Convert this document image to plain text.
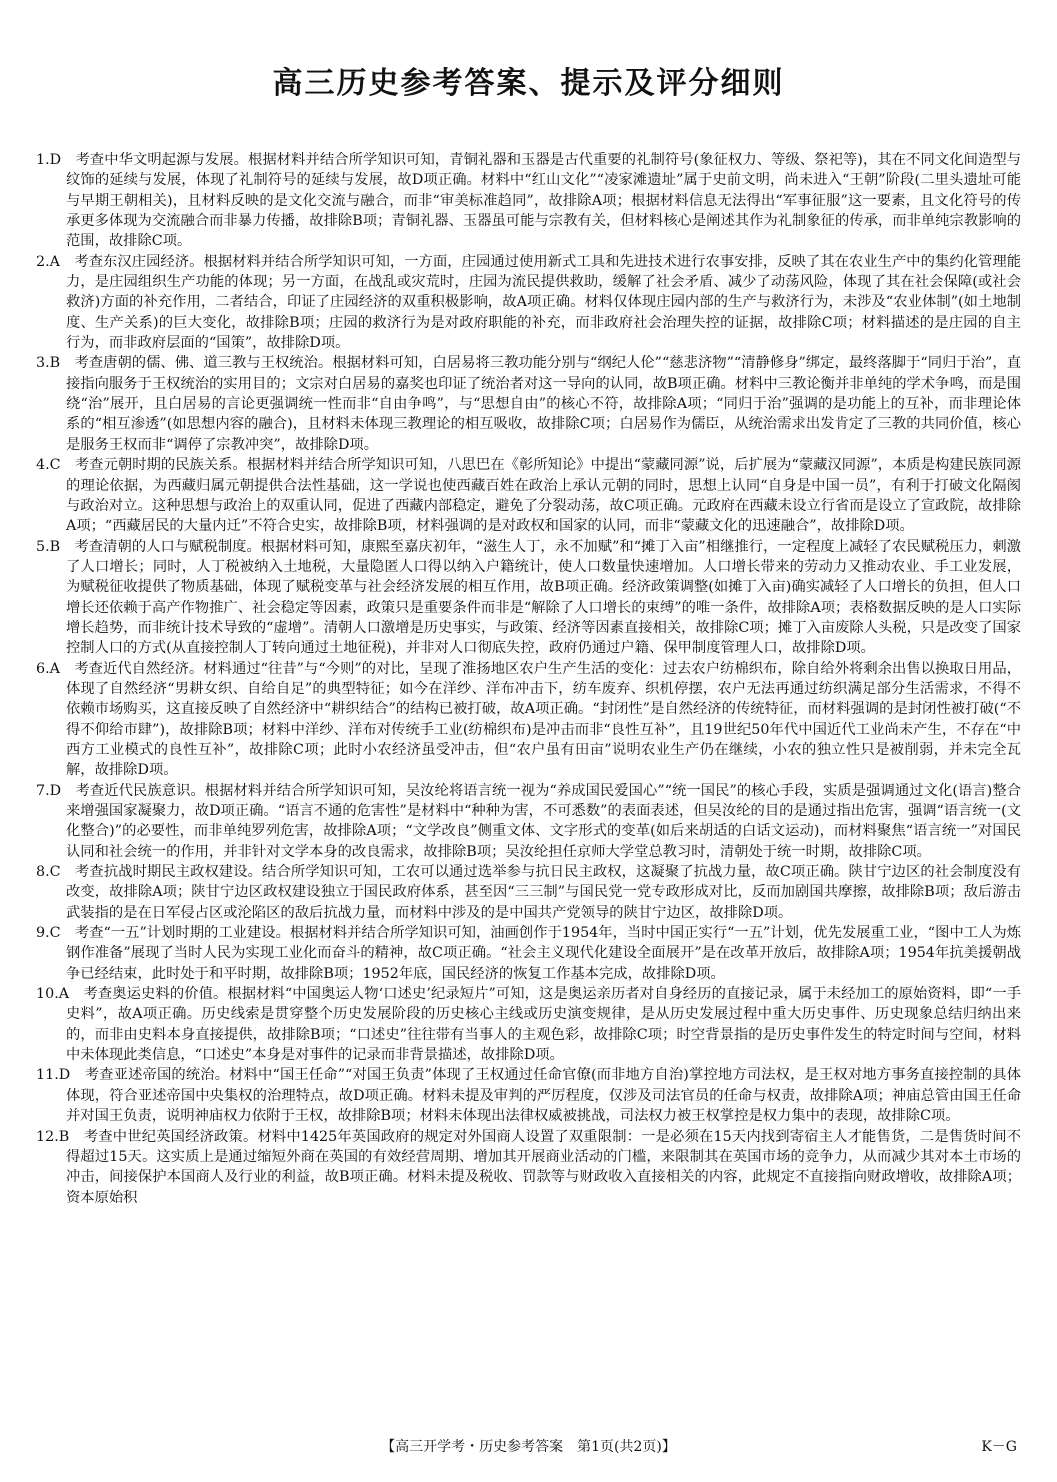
高三历史参考答案、提示及评分细则

1.D　考查中华文明起源与发展。根据材料并结合所学知识可知，青铜礼器和玉器是古代重要的礼制符号(象征权力、等级、祭祀等)，其在不同文化间造型与纹饰的延续与发展，体现了礼制符号的延续与发展，故D项正确。材料中“红山文化”“凌家滩遗址”属于史前文明，尚未进入“王朝”阶段(二里头遗址可能与早期王朝相关)，且材料反映的是文化交流与融合，而非“审美标准趋同”，故排除A项；根据材料信息无法得出“军事征服”这一要素，且文化符号的传承更多体现为交流融合而非暴力传播，故排除B项；青铜礼器、玉器虽可能与宗教有关，但材料核心是阐述其作为礼制象征的传承，而非单纯宗教影响的范围，故排除C项。

2.A　考查东汉庄园经济。根据材料并结合所学知识可知，一方面，庄园通过使用新式工具和先进技术进行农事安排，反映了其在农业生产中的集约化管理能力，是庄园组织生产功能的体现；另一方面，在战乱或灾荒时，庄园为流民提供救助，缓解了社会矛盾、减少了动荡风险，体现了其在社会保障(或社会救济)方面的补充作用，二者结合，印证了庄园经济的双重积极影响，故A项正确。材料仅体现庄园内部的生产与救济行为，未涉及“农业体制”(如土地制度、生产关系)的巨大变化，故排除B项；庄园的救济行为是对政府职能的补充，而非政府社会治理失控的证据，故排除C项；材料描述的是庄园的自主行为，而非政府层面的“国策”，故排除D项。

3.B　考查唐朝的儒、佛、道三教与王权统治。根据材料可知，白居易将三教功能分别与“纲纪人伦”“慈悲济物”“清静修身”绑定，最终落脚于“同归于治”，直接指向服务于王权统治的实用目的；文宗对白居易的嘉奖也印证了统治者对这一导向的认同，故B项正确。材料中三教论衡并非单纯的学术争鸣，而是围绕“治”展开，且白居易的言论更强调统一性而非“自由争鸣”，与“思想自由”的核心不符，故排除A项；“同归于治”强调的是功能上的互补，而非理论体系的“相互渗透”(如思想内容的融合)，且材料未体现三教理论的相互吸收，故排除C项；白居易作为儒臣，从统治需求出发肯定了三教的共同价值，核心是服务王权而非“调停了宗教冲突”，故排除D项。

4.C　考查元朝时期的民族关系。根据材料并结合所学知识可知，八思巴在《彰所知论》中提出“蒙藏同源”说，后扩展为“蒙藏汉同源”，本质是构建民族同源的理论依据，为西藏归属元朝提供合法性基础，这一学说也使西藏百姓在政治上承认元朝的同时，思想上认同“自身是中国一员”，有利于打破文化隔阂与政治对立。这种思想与政治上的双重认同，促进了西藏内部稳定，避免了分裂动荡，故C项正确。元政府在西藏未设立行省而是设立了宣政院，故排除A项；“西藏居民的大量内迁”不符合史实，故排除B项，材料强调的是对政权和国家的认同，而非“蒙藏文化的迅速融合”，故排除D项。

5.B　考查清朝的人口与赋税制度。根据材料可知，康熙至嘉庆初年，“滋生人丁，永不加赋”和“摊丁入亩”相继推行，一定程度上减轻了农民赋税压力，刺激了人口增长；同时，人丁税被纳入土地税，大量隐匿人口得以纳入户籍统计，使人口数量快速增加。人口增长带来的劳动力又推动农业、手工业发展，为赋税征收提供了物质基础，体现了赋税变革与社会经济发展的相互作用，故B项正确。经济政策调整(如摊丁入亩)确实减轻了人口增长的负担，但人口增长还依赖于高产作物推广、社会稳定等因素，政策只是重要条件而非是“解除了人口增长的束缚”的唯一条件，故排除A项；表格数据反映的是人口实际增长趋势，而非统计技术导致的“虚增”。清朝人口激增是历史事实，与政策、经济等因素直接相关，故排除C项；摊丁入亩废除人头税，只是改变了国家控制人口的方式(从直接控制人丁转向通过土地征税)，并非对人口彻底失控，政府仍通过户籍、保甲制度管理人口，故排除D项。

6.A　考查近代自然经济。材料通过“往昔”与“今则”的对比，呈现了淮扬地区农户生产生活的变化：过去农户纺棉织布，除自给外将剩余出售以换取日用品，体现了自然经济“男耕女织、自给自足”的典型特征；如今在洋纱、洋布冲击下，纺车废弃、织机停摆，农户无法再通过纺织满足部分生活需求，不得不依赖市场购买，这直接反映了自然经济中“耕织结合”的结构已被打破，故A项正确。“封闭性”是自然经济的传统特征，而材料强调的是封闭性被打破(“不得不仰给市肆”)，故排除B项；材料中洋纱、洋布对传统手工业(纺棉织布)是冲击而非“良性互补”，且19世纪50年代中国近代工业尚未产生，不存在“中西方工业模式的良性互补”，故排除C项；此时小农经济虽受冲击，但“农户虽有田亩”说明农业生产仍在继续，小农的独立性只是被削弱，并未完全瓦解，故排除D项。

7.D　考查近代民族意识。根据材料并结合所学知识可知，吴汝纶将语言统一视为“养成国民爱国心”“统一国民”的核心手段，实质是强调通过文化(语言)整合来增强国家凝聚力，故D项正确。“语言不通的危害性”是材料中“种种为害，不可悉数”的表面表述，但吴汝纶的目的是通过指出危害，强调“语言统一(文化整合)”的必要性，而非单纯罗列危害，故排除A项；“文学改良”侧重文体、文字形式的变革(如后来胡适的白话文运动)，而材料聚焦“语言统一”对国民认同和社会统一的作用，并非针对文学本身的改良需求，故排除B项；吴汝纶担任京师大学堂总教习时，清朝处于统一时期，故排除C项。

8.C　考查抗战时期民主政权建设。结合所学知识可知，工农可以通过选举参与抗日民主政权，这凝聚了抗战力量，故C项正确。陕甘宁边区的社会制度没有改变，故排除A项；陕甘宁边区政权建设独立于国民政府体系，甚至因“三三制”与国民党一党专政形成对比，反而加剧国共摩擦，故排除B项；敌后游击武装指的是在日军侵占区或沦陷区的敌后抗战力量，而材料中涉及的是中国共产党领导的陕甘宁边区，故排除D项。

9.C　考查“一五”计划时期的工业建设。根据材料并结合所学知识可知，油画创作于1954年，当时中国正实行“一五”计划，优先发展重工业，“图中工人为炼钢作准备”展现了当时人民为实现工业化而奋斗的精神，故C项正确。“社会主义现代化建设全面展开”是在改革开放后，故排除A项；1954年抗美援朝战争已经结束，此时处于和平时期，故排除B项；1952年底，国民经济的恢复工作基本完成，故排除D项。

10.A　考查奥运史料的价值。根据材料“中国奥运人物‘口述史’纪录短片”可知，这是奥运亲历者对自身经历的直接记录，属于未经加工的原始资料，即“一手史料”，故A项正确。历史线索是贯穿整个历史发展阶段的历史核心主线或历史演变规律，是从历史发展过程中重大历史事件、历史现象总结归纳出来的，而非由史料本身直接提供，故排除B项；“口述史”往往带有当事人的主观色彩，故排除C项；时空背景指的是历史事件发生的特定时间与空间，材料中未体现此类信息，“口述史”本身是对事件的记录而非背景描述，故排除D项。

11.D　考查亚述帝国的统治。材料中“国王任命”“对国王负责”体现了王权通过任命官僚(而非地方自治)掌控地方司法权，是王权对地方事务直接控制的具体体现，符合亚述帝国中央集权的治理特点，故D项正确。材料未提及审判的严厉程度，仅涉及司法官员的任命与权责，故排除A项；神庙总管由国王任命并对国王负责，说明神庙权力依附于王权，故排除B项；材料未体现出法律权威被挑战，司法权力被王权掌控是权力集中的表现，故排除C项。

12.B　考查中世纪英国经济政策。材料中1425年英国政府的规定对外国商人设置了双重限制：一是必须在15天内找到寄宿主人才能售货，二是售货时间不得超过15天。这实质上是通过缩短外商在英国的有效经营周期、增加其开展商业活动的门槛，来限制其在英国市场的竞争力，从而减少其对本土市场的冲击，间接保护本国商人及行业的利益，故B项正确。材料未提及税收、罚款等与财政收入直接相关的内容，此规定不直接指向财政增收，故排除A项；资本原始积

【高三开学考・历史参考答案　第1页(共2页)】	K－G
